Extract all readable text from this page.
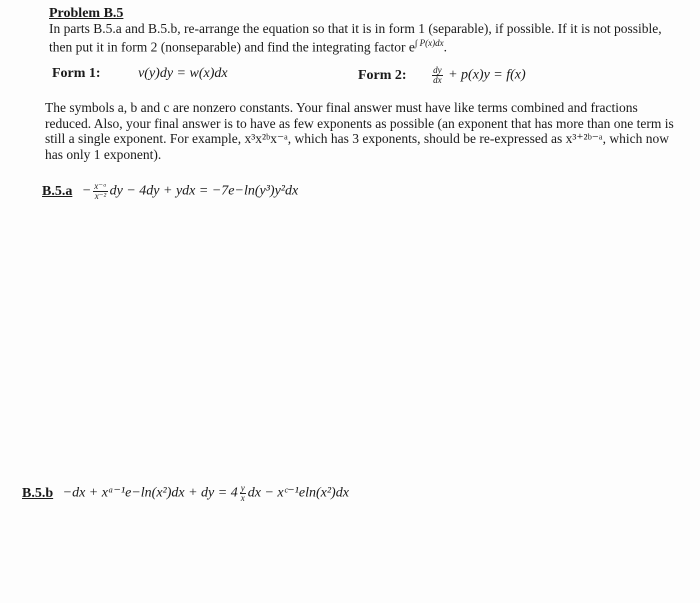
Problem B.5
In parts B.5.a and B.5.b, re-arrange the equation so that it is in form 1 (separable), if possible. If it is not possible,
then put it in form 2 (nonseparable) and find the integrating factor $e^{\int P(x)dx}$.
Form 1:	v(y)dy = w(x)dx	Form 2:	$\frac{dy}{dx} + p(x)y = f(x)$

The symbols a, b and c are nonzero constants. Your final answer must have like terms combined and fractions reduced. Also, your final answer is to have as few exponents as possible (an exponent that has more than one term is still a single exponent. For example, x³x²ᵇx⁻ᵃ, which has 3 exponents, should be re-expressed as x³⁺²ᵇ⁻ᵃ, which now has only 1 exponent).

$B.5.a - \frac{\text{x⁻ᵃ}}{\text{x⁻²}}$ dy − 4dy + ydx = −7e−ln(y³)y²dx
B.5.b −dx + xᵃ⁻¹e−ln(x²)dx + dy = $4 \frac{y}{x}$ dx − xᶜ⁻¹eln(x²)dx
